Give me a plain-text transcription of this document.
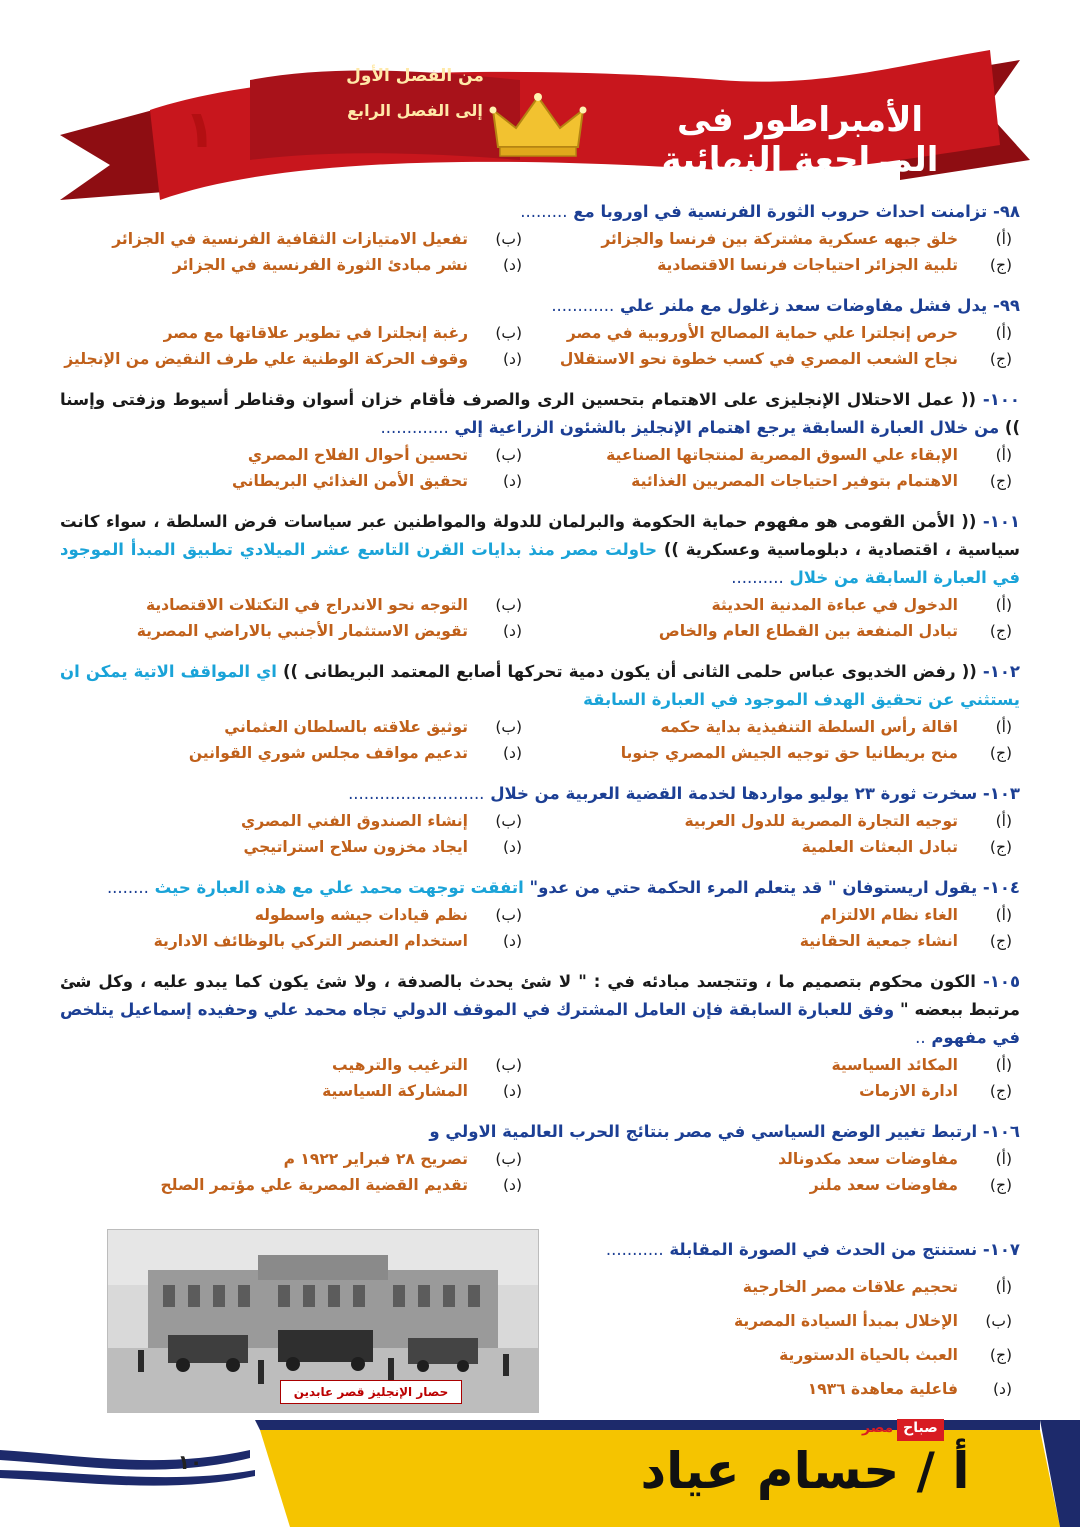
١
من الفصل الأول
إلى الفصل الرابع	الأمبراطور فى المراجعة النهائية
٩٨- تزامنت احداث حروب الثورة الفرنسية في اوروبا مع .........
(أ)
خلق جبهه عسكرية مشتركة بين فرنسا والجزائر
(ب)
تفعيل الامتيازات الثقافية الفرنسية في الجزائر
(ج)
تلبية الجزائر احتياجات فرنسا الاقتصادية
(د)
نشر مبادئ الثورة الفرنسية في الجزائر
٩٩- يدل فشل مفاوضات سعد زغلول مع ملنر علي ............
(أ)
حرص إنجلترا علي حماية المصالح الأوروبية في مصر
(ب)
رغبة إنجلترا في تطوير علاقاتها مع مصر
(ج)
نجاح الشعب المصري في كسب خطوة نحو الاستقلال
(د)
وقوف الحركة الوطنية علي طرف النقيض من الإنجليز
١٠٠- (( عمل الاحتلال الإنجليزى على الاهتمام بتحسين الرى والصرف فأقام خزان أسوان وقناطر أسيوط وزفتى وإسنا )) من خلال العبارة السابقة يرجع اهتمام الإنجليز بالشئون الزراعية إلي .............
(أ)
الإبقاء علي السوق المصرية لمنتجاتها الصناعية
(ب)
تحسين أحوال الفلاح المصري
(ج)
الاهتمام بتوفير احتياجات المصريين الغذائية
(د)
تحقيق الأمن الغذائي البريطاني
١٠١- (( الأمن القومى هو مفهوم حماية الحكومة والبرلمان للدولة والمواطنين عبر سياسات فرض السلطة ، سواء كانت سياسية ، اقتصادية ، دبلوماسية وعسكرية )) حاولت مصر منذ بدايات القرن التاسع عشر الميلادي تطبيق المبدأ الموجود في العبارة السابقة من خلال ..........
(أ)
الدخول في عباءة المدنية الحديثة
(ب)
التوجه نحو الاندراج في التكتلات الاقتصادية
(ج)
تبادل المنفعة بين القطاع العام والخاص
(د)
تقويض الاستثمار الأجنبي بالاراضي المصرية
١٠٢- (( رفض الخديوى عباس حلمى الثانى أن يكون دمية تحركها أصابع المعتمد البريطانى )) اي المواقف الاتية يمكن ان يستثني عن تحقيق الهدف الموجود في العبارة السابقة
(أ)
اقالة رأس السلطة التنفيذية بداية حكمه
(ب)
توثيق علاقته بالسلطان العثماني
(ج)
منح بريطانيا حق توجيه الجيش المصري جنوبا
(د)
تدعيم مواقف مجلس شوري القوانين
١٠٣- سخرت ثورة ٢٣ يوليو مواردها لخدمة القضية العربية من خلال ..........................
(أ)
توجيه التجارة المصرية للدول العربية
(ب)
إنشاء الصندوق الفني المصري
(ج)
تبادل البعثات العلمية
(د)
ايجاد مخزون سلاح استراتيجي
١٠٤- يقول اريستوفان " قد يتعلم المرء الحكمة حتي من عدو" اتفقت توجهت محمد علي مع هذه العبارة حيث ........
(أ)
الغاء نظام الالتزام
(ب)
نظم قيادات جيشه واسطوله
(ج)
انشاء جمعية الحقانية
(د)
استخدام العنصر التركي بالوظائف الادارية
١٠٥- الكون محكوم بتصميم ما ، وتتجسد مبادئه في : " لا شئ يحدث بالصدفة ، ولا شئ يكون كما يبدو عليه ، وكل شئ مرتبط ببعضه " وفق للعبارة السابقة فإن العامل المشترك في الموقف الدولي تجاه محمد علي وحفيده إسماعيل يتلخص في مفهوم ..
(أ)
المكائد السياسية
(ب)
الترغيب والترهيب
(ج)
ادارة الازمات
(د)
المشاركة السياسية
١٠٦- ارتبط تغيير الوضع السياسي في مصر بنتائج الحرب العالمية الاولي و
(أ)
مفاوضات سعد مكدونالد
(ب)
تصريح ٢٨ فبراير ١٩٢٢ م
(ج)
مفاوضات سعد ملنر
(د)
تقديم القضية المصرية علي مؤتمر الصلح
١٠٧- نستنتج من الحدث في الصورة المقابلة ...........
(أ)
تحجيم علاقات مصر الخارجية
(ب)
الإخلال بمبدأ السيادة المصرية
(ج)
العبث بالحياة الدستورية
(د)
فاعلية معاهدة ١٩٣٦
حصار الإنجليز قصر عابدين
١٠
صباح
مصر
أ / حسام عياد
